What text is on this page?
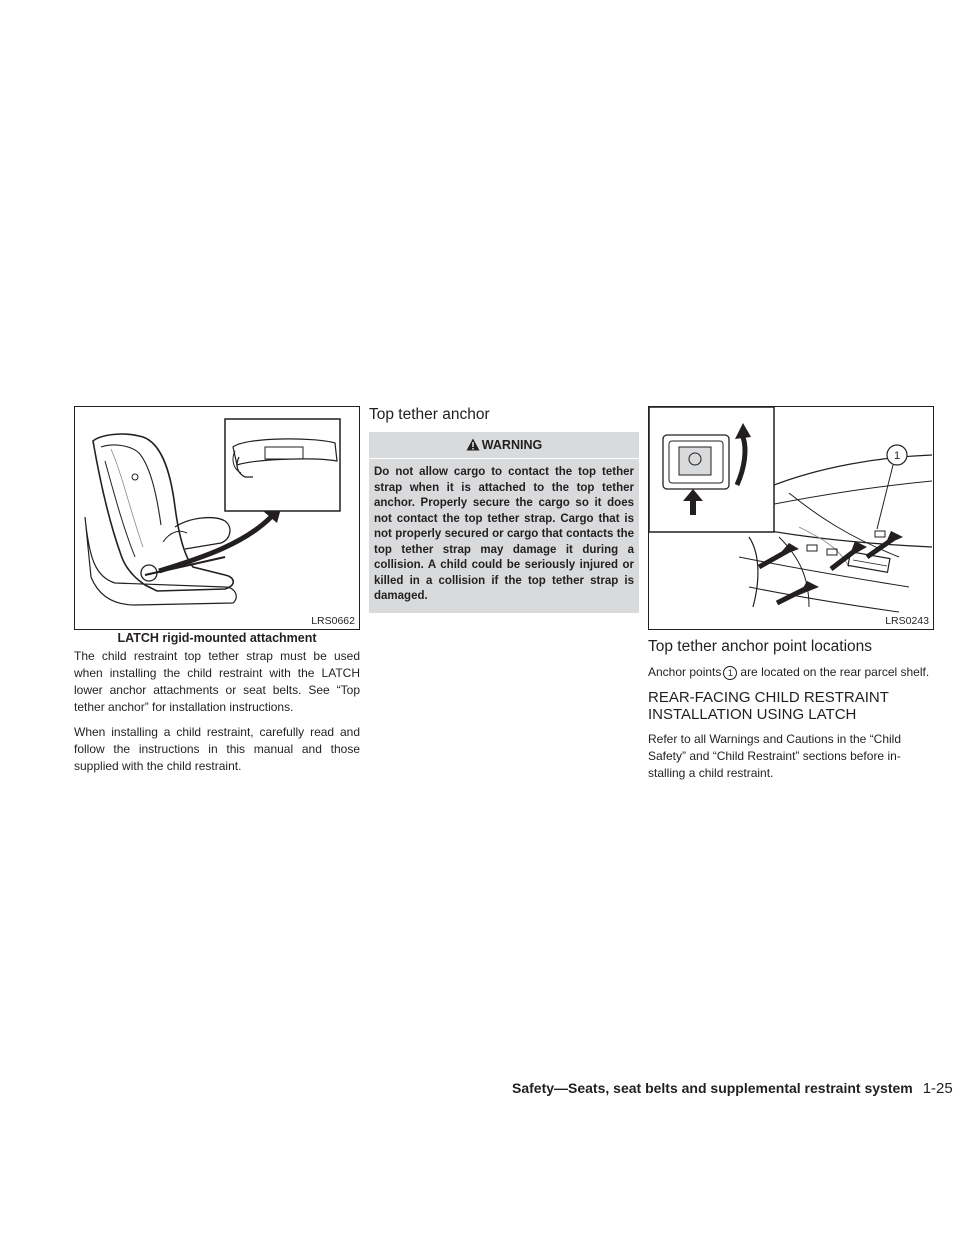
LRS0662
LATCH rigid-mounted attachment

The child restraint top tether strap must be used when installing the child restraint with the LATCH lower anchor attachments or seat belts. See “Top tether anchor” for installation instructions.

When installing a child restraint, carefully read and follow the instructions in this manual and those supplied with the child restraint.

Top tether anchor
WARNING
Do not allow cargo to contact the top tether strap when it is attached to the top tether anchor. Properly secure the cargo so it does not contact the top tether strap. Cargo that is not properly secured or cargo that contacts the top tether strap may damage it during a collision. A child could be seriously injured or killed in a collision if the top tether strap is damaged.
1
LRS0243
Top tether anchor point locations

Anchor points 1 are located on the rear parcel shelf.

REAR-FACING CHILD RESTRAINT
INSTALLATION USING LATCH

Refer to all Warnings and Cautions in the “Child Safety” and “Child Restraint” sections before in-stalling a child restraint.

Safety—Seats, seat belts and supplemental restraint system 1-25
